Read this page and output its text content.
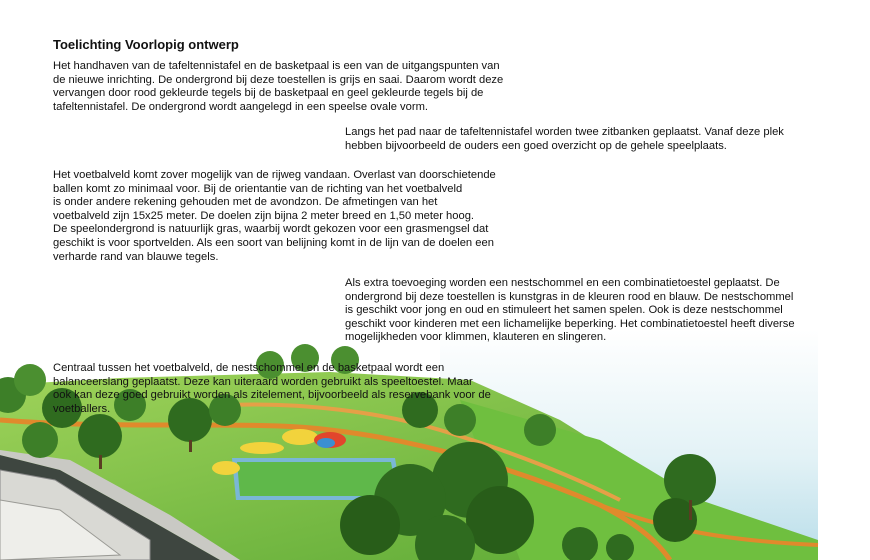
Toelichting Voorlopig ontwerp
Het handhaven van de tafeltennistafel en de basketpaal is een van de uitgangspunten van
de nieuwe inrichting. De ondergrond bij deze toestellen is grijs en saai. Daarom wordt deze
vervangen door rood gekleurde tegels bij de basketpaal en geel gekleurde tegels bij de
tafeltennistafel. De ondergrond wordt aangelegd in een speelse ovale vorm.
Langs het pad naar de tafeltennistafel worden twee zitbanken geplaatst. Vanaf deze plek
hebben bijvoorbeeld de ouders een goed overzicht op de gehele speelplaats.
Het voetbalveld komt zover mogelijk van de rijweg vandaan. Overlast van doorschietende
ballen komt zo minimaal voor. Bij de orientantie van de richting van het voetbalveld
is onder andere rekening gehouden met de avondzon. De afmetingen van het
voetbalveld zijn 15x25 meter. De doelen zijn bijna 2 meter breed en 1,50 meter hoog.
De speelondergrond is natuurlijk gras, waarbij wordt gekozen voor een grasmengsel dat
geschikt is voor sportvelden. Als een soort van belijning komt in de lijn van de doelen een
verharde rand van blauwe tegels.
Als extra toevoeging worden een nestschommel en een combinatietoestel geplaatst. De
ondergrond bij deze toestellen is kunstgras in de kleuren rood en blauw. De nestschommel
is geschikt voor jong en oud en stimuleert het samen spelen. Ook is deze nestschommel
geschikt voor kinderen met een lichamelijke beperking. Het combinatietoestel heeft diverse
mogelijkheden voor klimmen, klauteren en slingeren.
Centraal tussen het voetbalveld, de nestschommel en de basketpaal wordt een
balanceerslang geplaatst. Deze kan uiteraard worden gebruikt als speeltoestel. Maar
ook kan deze goed gebruikt worden als zitelement, bijvoorbeeld als reservebank voor de
voetballers.
